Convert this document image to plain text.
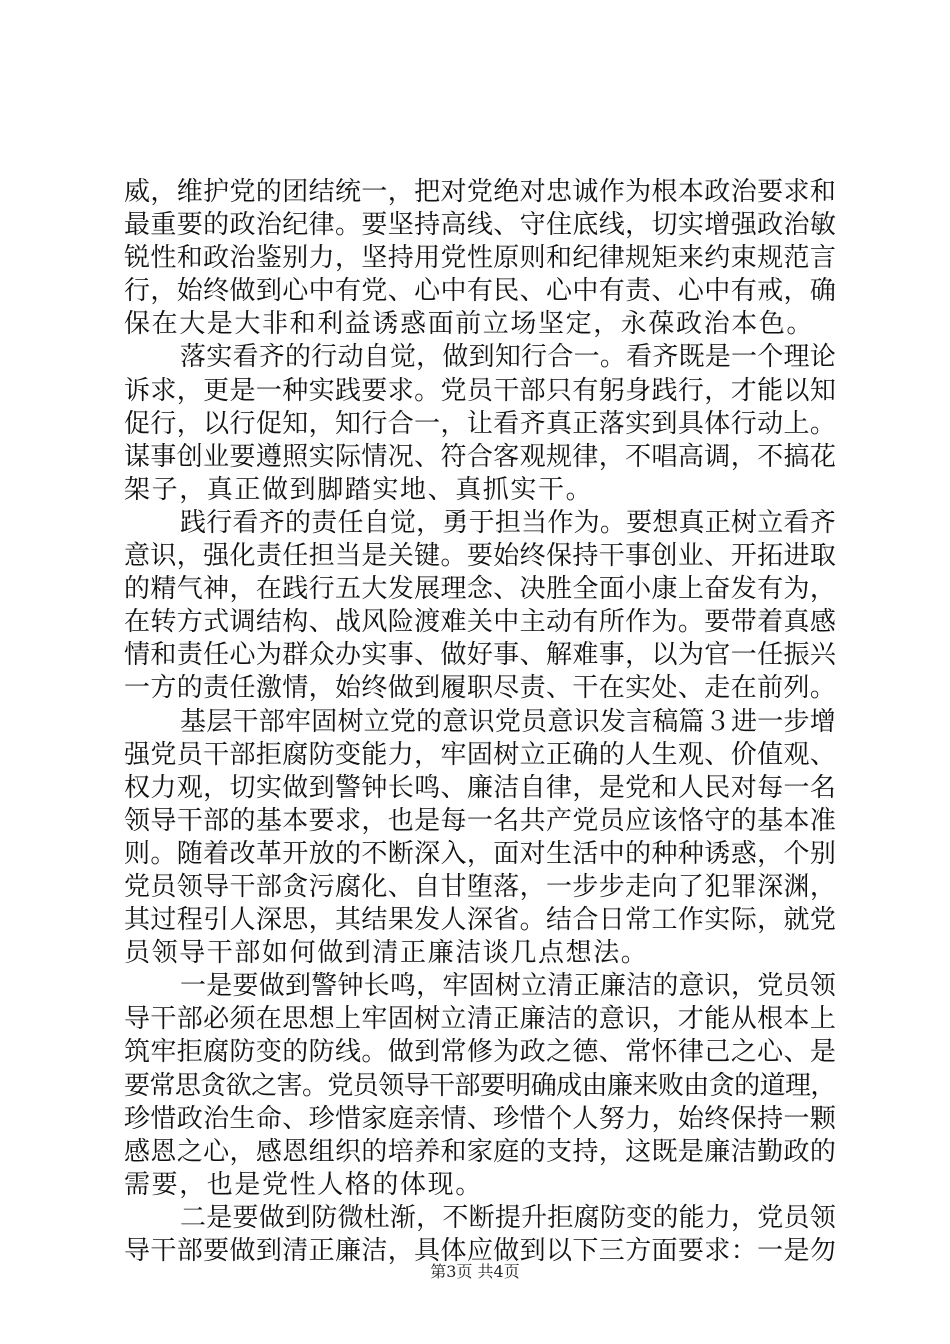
威，维护党的团结统一，把对党绝对忠诚作为根本政治要求和
最重要的政治纪律。要坚持高线、守住底线，切实增强政治敏
锐性和政治鉴别力，坚持用党性原则和纪律规矩来约束规范言
行，始终做到心中有党、心中有民、心中有责、心中有戒，确
保在大是大非和利益诱惑面前立场坚定，永葆政治本色。
落实看齐的行动自觉，做到知行合一。看齐既是一个理论
诉求，更是一种实践要求。党员干部只有躬身践行，才能以知
促行，以行促知，知行合一，让看齐真正落实到具体行动上。
谋事创业要遵照实际情况、符合客观规律，不唱高调，不搞花
架子，真正做到脚踏实地、真抓实干。
践行看齐的责任自觉，勇于担当作为。要想真正树立看齐
意识，强化责任担当是关键。要始终保持干事创业、开拓进取
的精气神，在践行五大发展理念、决胜全面小康上奋发有为，
在转方式调结构、战风险渡难关中主动有所作为。要带着真感
情和责任心为群众办实事、做好事、解难事，以为官一任振兴
一方的责任激情，始终做到履职尽责、干在实处、走在前列。
基层干部牢固树立党的意识党员意识发言稿篇３进一步增
强党员干部拒腐防变能力，牢固树立正确的人生观、价值观、
权力观，切实做到警钟长鸣、廉洁自律，是党和人民对每一名
领导干部的基本要求，也是每一名共产党员应该恪守的基本准
则。随着改革开放的不断深入，面对生活中的种种诱惑，个别
党员领导干部贪污腐化、自甘堕落，一步步走向了犯罪深渊，
其过程引人深思，其结果发人深省。结合日常工作实际，就党
员领导干部如何做到清正廉洁谈几点想法。
一是要做到警钟长鸣，牢固树立清正廉洁的意识，党员领
导干部必须在思想上牢固树立清正廉洁的意识，才能从根本上
筑牢拒腐防变的防线。做到常修为政之德、常怀律己之心、是
要常思贪欲之害。党员领导干部要明确成由廉来败由贪的道理，
珍惜政治生命、珍惜家庭亲情、珍惜个人努力，始终保持一颗
感恩之心，感恩组织的培养和家庭的支持，这既是廉洁勤政的
需要，也是党性人格的体现。
二是要做到防微杜渐，不断提升拒腐防变的能力，党员领
导干部要做到清正廉洁，具体应做到以下三方面要求：一是勿
第3页 共4页
